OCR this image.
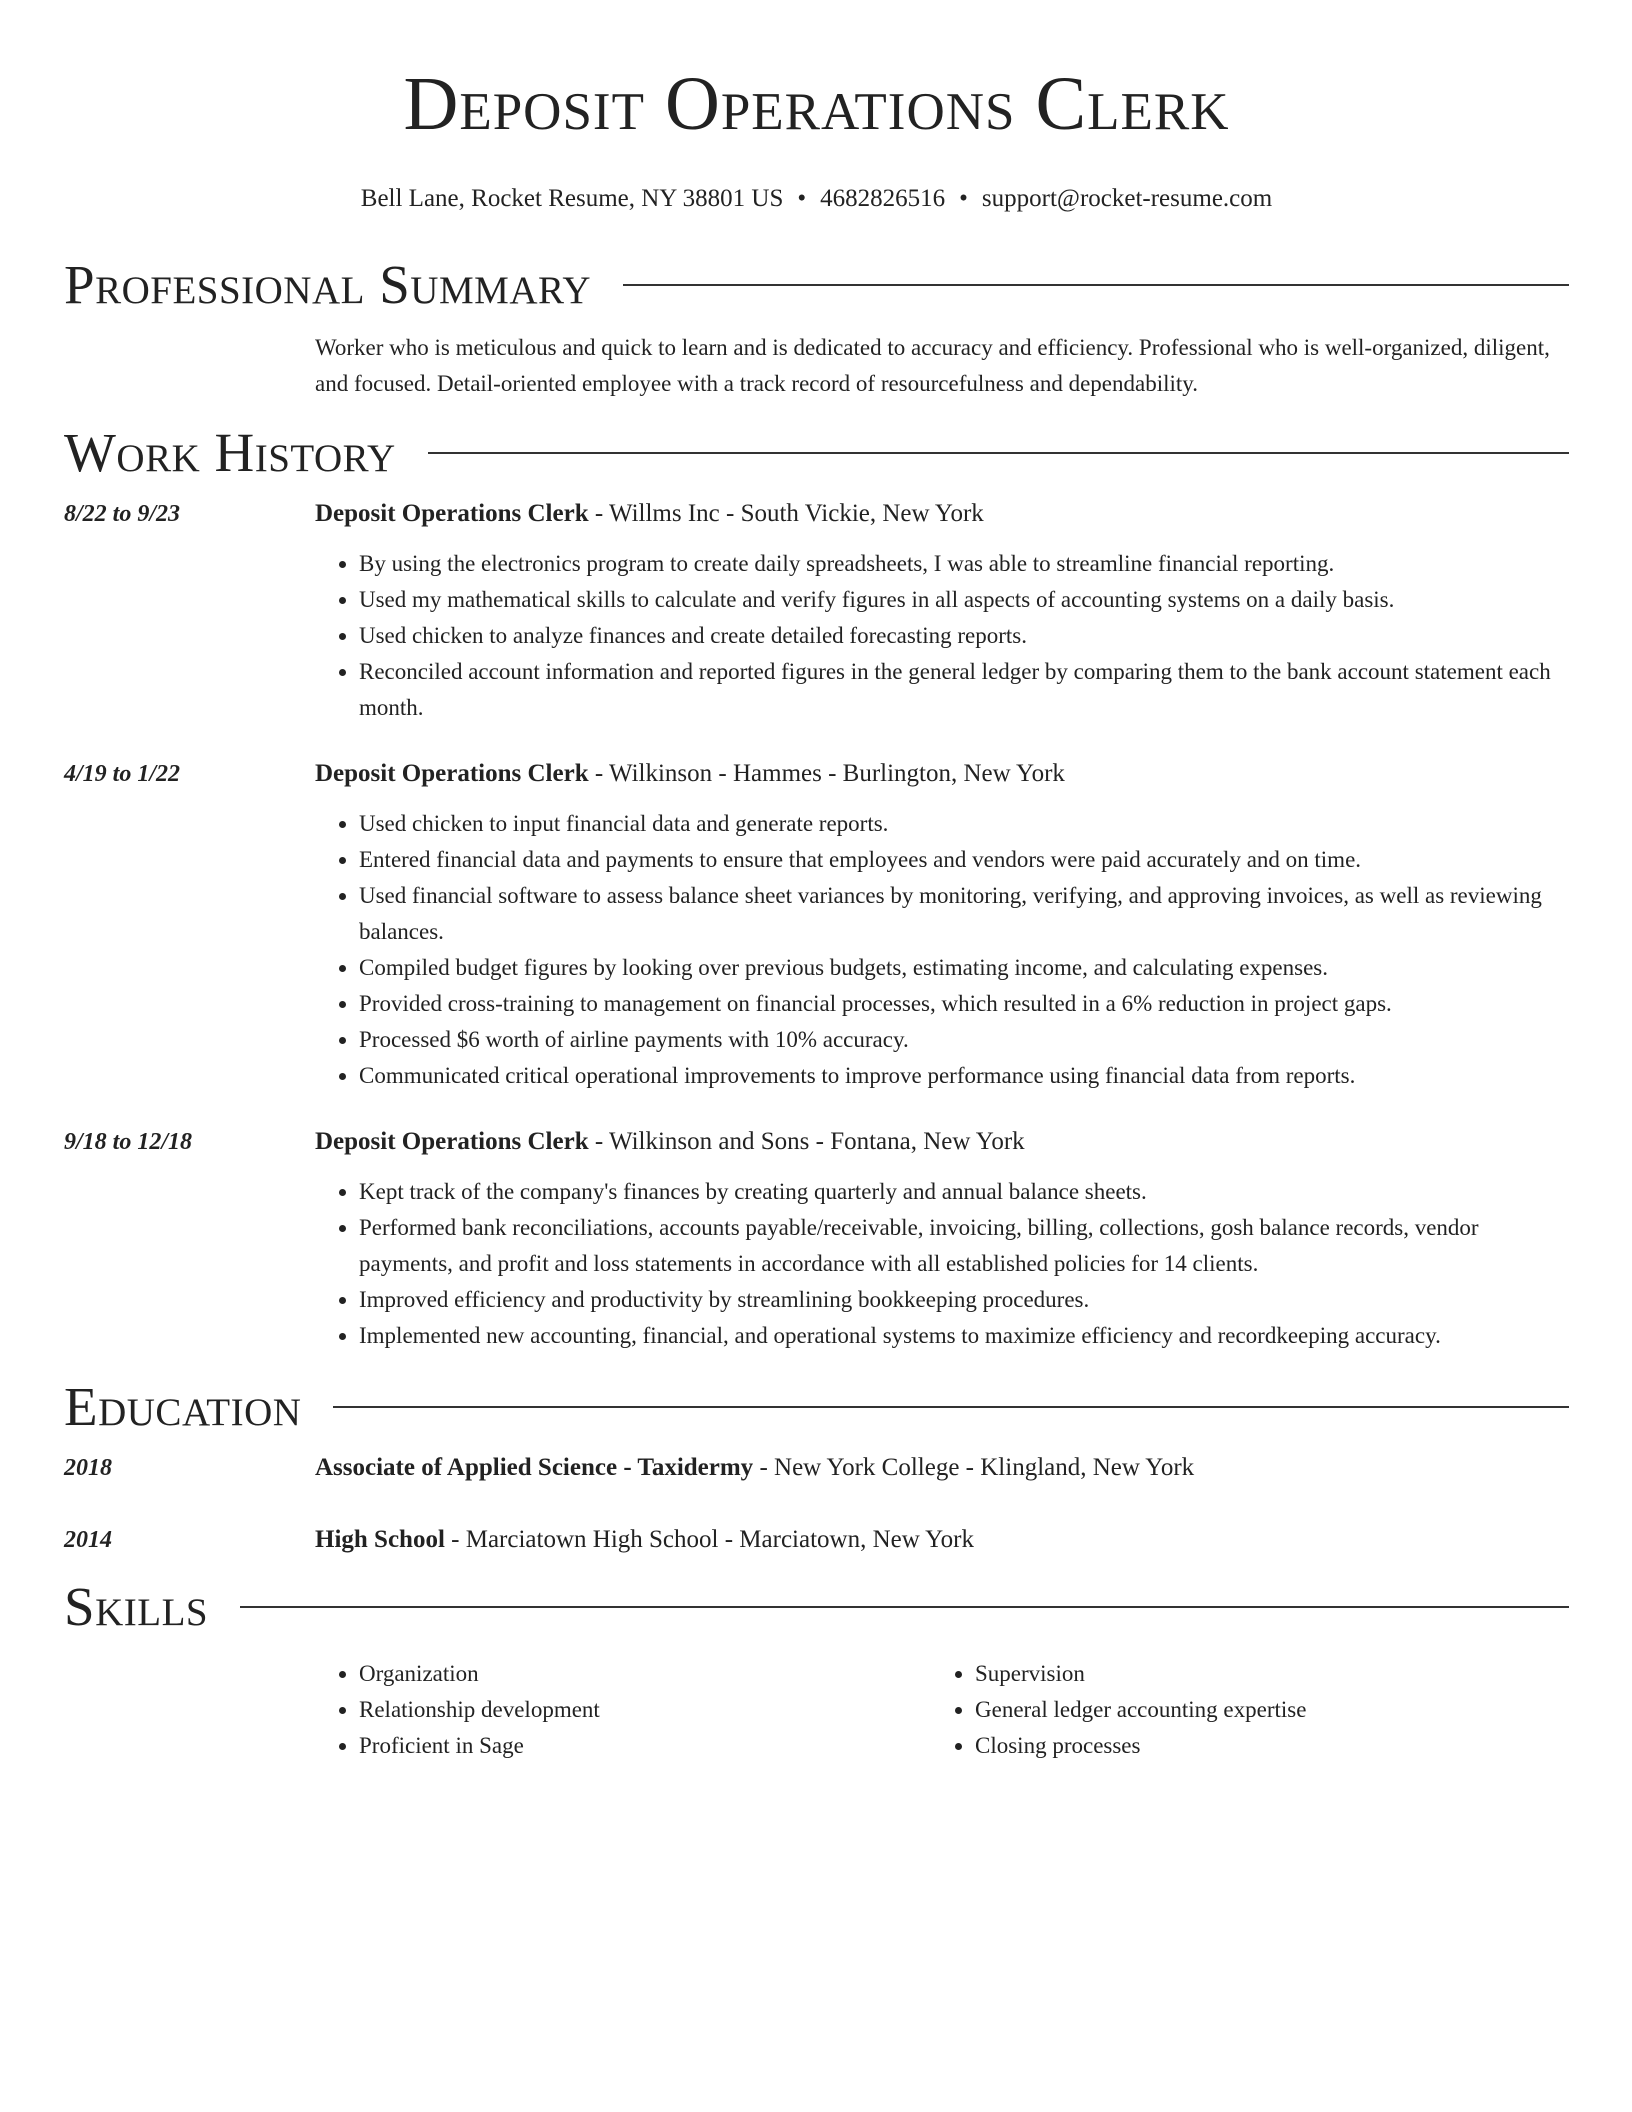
Deposit Operations Clerk
Bell Lane, Rocket Resume, NY 38801 US • 4682826516 • support@rocket-resume.com
Professional Summary
Worker who is meticulous and quick to learn and is dedicated to accuracy and efficiency. Professional who is well-organized, diligent, and focused. Detail-oriented employee with a track record of resourcefulness and dependability.
Work History
8/22 to 9/23	Deposit Operations Clerk - Willms Inc - South Vickie, New York
• By using the electronics program to create daily spreadsheets, I was able to streamline financial reporting.
• Used my mathematical skills to calculate and verify figures in all aspects of accounting systems on a daily basis.
• Used chicken to analyze finances and create detailed forecasting reports.
• Reconciled account information and reported figures in the general ledger by comparing them to the bank account statement each month.
4/19 to 1/22	Deposit Operations Clerk - Wilkinson - Hammes - Burlington, New York
• Used chicken to input financial data and generate reports.
• Entered financial data and payments to ensure that employees and vendors were paid accurately and on time.
• Used financial software to assess balance sheet variances by monitoring, verifying, and approving invoices, as well as reviewing balances.
• Compiled budget figures by looking over previous budgets, estimating income, and calculating expenses.
• Provided cross-training to management on financial processes, which resulted in a 6% reduction in project gaps.
• Processed $6 worth of airline payments with 10% accuracy.
• Communicated critical operational improvements to improve performance using financial data from reports.
9/18 to 12/18	Deposit Operations Clerk - Wilkinson and Sons - Fontana, New York
• Kept track of the company's finances by creating quarterly and annual balance sheets.
• Performed bank reconciliations, accounts payable/receivable, invoicing, billing, collections, gosh balance records, vendor payments, and profit and loss statements in accordance with all established policies for 14 clients.
• Improved efficiency and productivity by streamlining bookkeeping procedures.
• Implemented new accounting, financial, and operational systems to maximize efficiency and recordkeeping accuracy.
Education
2018	Associate of Applied Science - Taxidermy - New York College - Klingland, New York
2014	High School - Marciatown High School - Marciatown, New York
Skills
• Organization
• Relationship development
• Proficient in Sage
• Supervision
• General ledger accounting expertise
• Closing processes
